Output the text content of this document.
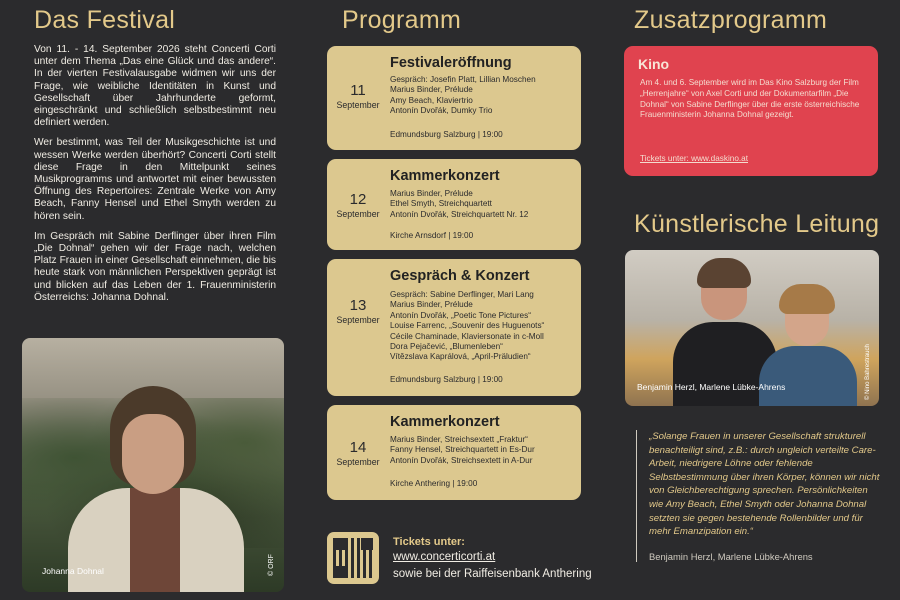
Das Festival	Programm	Zusatzprogramm

Von 11. - 14. September 2026 steht Concerti Corti unter dem Thema „Das eine Glück und das andere“. In der vierten Festivalausgabe widmen wir uns der Frage, wie weibliche Identitäten in Kunst und Gesellschaft über Jahrhunderte geformt, eingeschränkt und schließlich selbstbestimmt neu definiert werden.

Wer bestimmt, was Teil der Musikgeschichte ist und wessen Werke werden überhört? Concerti Corti stellt diese Frage in den Mittelpunkt seines Musikprogramms und antwortet mit einer bewussten Öffnung des Repertoires: Zentrale Werke von Amy Beach, Fanny Hensel und Ethel Smyth werden zu hören sein.

Im Gespräch mit Sabine Derflinger über ihren Film „Die Dohnal“ gehen wir der Frage nach, welchen Platz Frauen in einer Gesellschaft einnehmen, die bis heute stark von männlichen Perspektiven geprägt ist und blicken auf das Leben der 1. Frauenministerin Österreichs: Johanna Dohnal.

Johanna Dohnal	© ORF
11
September
Festivaleröffnung
Gespräch: Josefin Platt, Lillian Moschen
Marius Binder, Prélude
Amy Beach, Klaviertrio
Antonín Dvořák, Dumky Trio
Edmundsburg Salzburg | 19:00
12
September
Kammerkonzert
Marius Binder, Prélude
Ethel Smyth, Streichquartett
Antonín Dvořák, Streichquartett Nr. 12
Kirche Arnsdorf | 19:00
13
September
Gespräch & Konzert
Gespräch: Sabine Derflinger, Mari Lang
Marius Binder, Prélude
Antonín Dvořák, „Poetic Tone Pictures“
Louise Farrenc, „Souvenir des Huguenots“
Cécile Chaminade, Klaviersonate in c-Moll
Dora Pejačević, „Blumenleben“
Vítězslava Kaprálová, „April-Präludien“
Edmundsburg Salzburg | 19:00
14
September
Kammerkonzert
Marius Binder, Streichsextett „Fraktur“
Fanny Hensel, Streichquartett in Es-Dur
Antonín Dvořák, Streichsextett in A-Dur
Kirche Anthering | 19:00
Tickets unter:
www.concerticorti.at
sowie bei der Raiffeisenbank Anthering
Kino

Am 4. und 6. September wird im Das Kino Salzburg der Film „Herrenjahre“ von Axel Corti und der Dokumentarfilm „Die Dohnal“ von Sabine Derflinger über die erste österreichische Frauenministerin Johanna Dohnal gezeigt.

Tickets unter: www.daskino.at
Künstlerische Leitung
Benjamin Herzl, Marlene Lübke-Ahrens	© Nino Bahrestrauch

„Solange Frauen in unserer Gesellschaft strukturell benachteiligt sind, z.B.: durch ungleich verteilte Care-Arbeit, niedrigere Löhne oder fehlende Selbstbestimmung über ihren Körper, können wir nicht von Gleichberechtigung sprechen. Persönlichkeiten wie Amy Beach, Ethel Smyth oder Johanna Dohnal setzten sie gegen bestehende Rollenbilder und für mehr Emanzipation ein.“

Benjamin Herzl, Marlene Lübke-Ahrens
